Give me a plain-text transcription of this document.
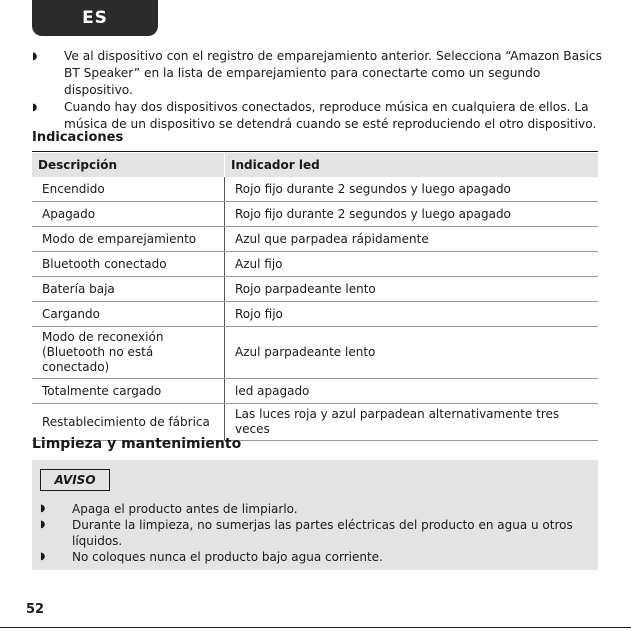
ES
◗ Ve al dispositivo con el registro de emparejamiento anterior. Selecciona “Amazon Basics BT Speaker” en la lista de emparejamiento para conectarte como un segundo dispositivo.
◗ Cuando hay dos dispositivos conectados, reproduce música en cualquiera de ellos. La música de un dispositivo se detendrá cuando se esté reproduciendo el otro dispositivo.
Indicaciones
Descripción	Indicador led
Encendido	Rojo fijo durante 2 segundos y luego apagado
Apagado	Rojo fijo durante 2 segundos y luego apagado
Modo de emparejamiento	Azul que parpadea rápidamente
Bluetooth conectado	Azul fijo
Batería baja	Rojo parpadeante lento
Cargando	Rojo fijo
Modo de reconexión (Bluetooth no está conectado)	Azul parpadeante lento
Totalmente cargado	led apagado
Restablecimiento de fábrica	Las luces roja y azul parpadean alternativamente tres veces
Limpieza y mantenimiento
AVISO
◗ Apaga el producto antes de limpiarlo.
◗ Durante la limpieza, no sumerjas las partes eléctricas del producto en agua u otros líquidos.
◗ No coloques nunca el producto bajo agua corriente.
52
